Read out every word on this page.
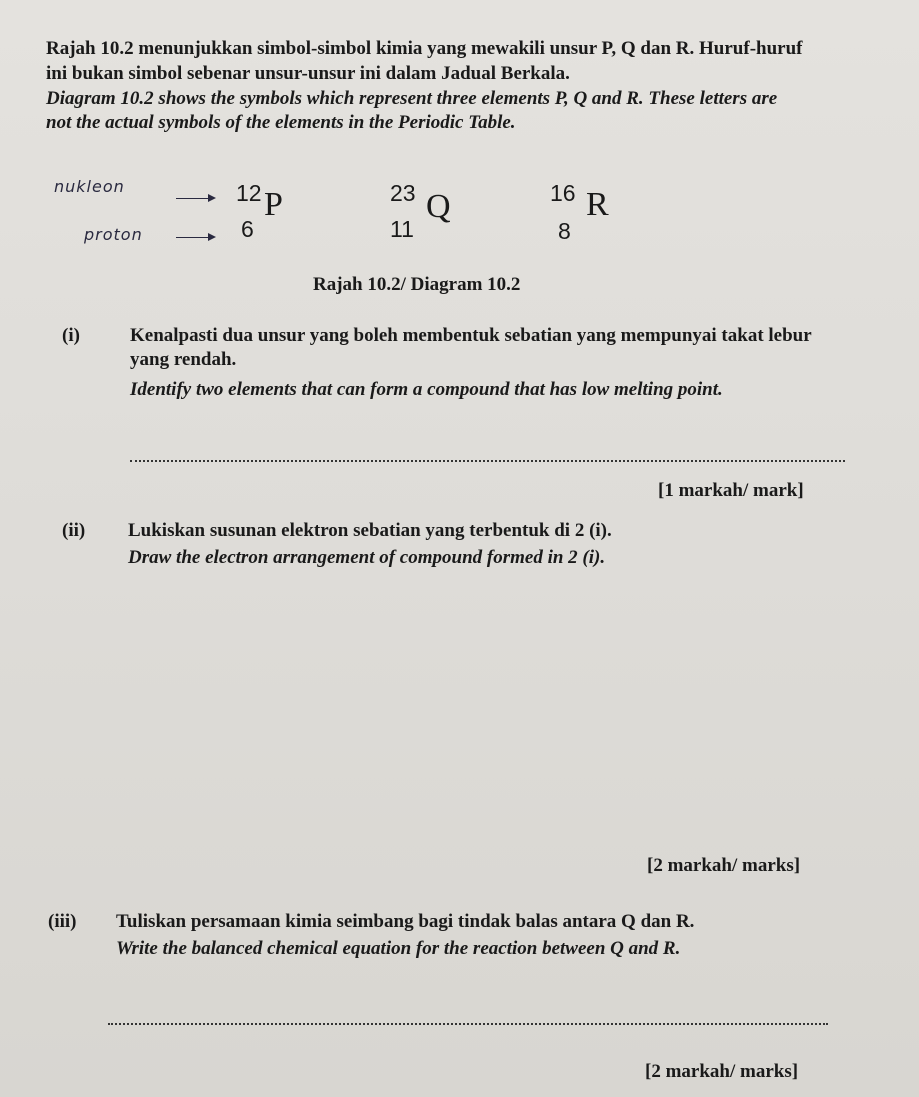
Rajah 10.2 menunjukkan simbol-simbol kimia yang mewakili unsur P, Q dan R. Huruf-huruf
ini bukan simbol sebenar unsur-unsur ini dalam Jadual Berkala.
Diagram 10.2 shows the symbols which represent three elements P, Q and R. These letters are
not the actual symbols of the elements in the Periodic Table.
nukleon
proton
12
6
P	23
11
Q	16
8
R
Rajah 10.2/ Diagram 10.2
(i)	Kenalpasti dua unsur yang boleh membentuk sebatian yang mempunyai takat lebur
yang rendah.
Identify two elements that can form a compound that has low melting point.
[1 markah/ mark]
(ii) Lukiskan susunan elektron sebatian yang terbentuk di 2 (i).
Draw the electron arrangement of compound formed in 2 (i).
[2 markah/ marks]
(iii) Tuliskan persamaan kimia seimbang bagi tindak balas antara Q dan R.
Write the balanced chemical equation for the reaction between Q and R.
[2 markah/ marks]
